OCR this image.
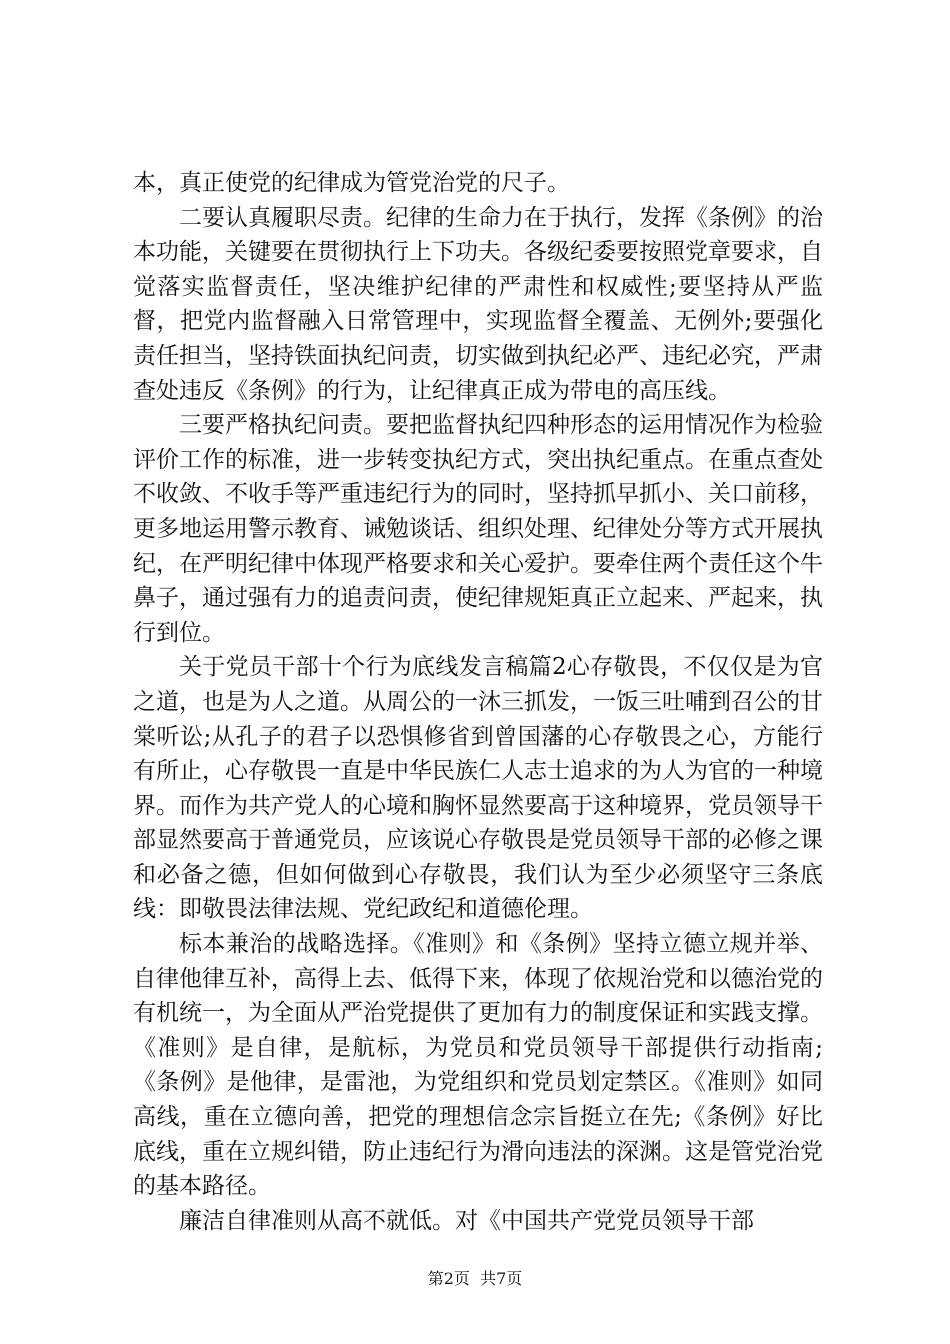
本，真正使党的纪律成为管党治党的尺子。

二要认真履职尽责。纪律的生命力在于执行，发挥《条例》的治本功能，关键要在贯彻执行上下功夫。各级纪委要按照党章要求，自觉落实监督责任，坚决维护纪律的严肃性和权威性;要坚持从严监督，把党内监督融入日常管理中，实现监督全覆盖、无例外;要强化责任担当，坚持铁面执纪问责，切实做到执纪必严、违纪必究，严肃查处违反《条例》的行为，让纪律真正成为带电的高压线。

三要严格执纪问责。要把监督执纪四种形态的运用情况作为检验评价工作的标准，进一步转变执纪方式，突出执纪重点。在重点查处不收敛、不收手等严重违纪行为的同时，坚持抓早抓小、关口前移，更多地运用警示教育、诫勉谈话、组织处理、纪律处分等方式开展执纪，在严明纪律中体现严格要求和关心爱护。要牵住两个责任这个牛鼻子，通过强有力的追责问责，使纪律规矩真正立起来、严起来，执行到位。

关于党员干部十个行为底线发言稿篇2心存敬畏，不仅仅是为官之道，也是为人之道。从周公的一沐三抓发，一饭三吐哺到召公的甘棠听讼;从孔子的君子以恐惧修省到曾国藩的心存敬畏之心，方能行有所止，心存敬畏一直是中华民族仁人志士追求的为人为官的一种境界。而作为共产党人的心境和胸怀显然要高于这种境界，党员领导干部显然要高于普通党员，应该说心存敬畏是党员领导干部的必修之课和必备之德，但如何做到心存敬畏，我们认为至少必须坚守三条底线：即敬畏法律法规、党纪政纪和道德伦理。

标本兼治的战略选择。《准则》和《条例》坚持立德立规并举、自律他律互补，高得上去、低得下来，体现了依规治党和以德治党的有机统一，为全面从严治党提供了更加有力的制度保证和实践支撑。《准则》是自律，是航标，为党员和党员领导干部提供行动指南;《条例》是他律，是雷池，为党组织和党员划定禁区。《准则》如同高线，重在立德向善，把党的理想信念宗旨挺立在先;《条例》好比底线，重在立规纠错，防止违纪行为滑向违法的深渊。这是管党治党的基本路径。

廉洁自律准则从高不就低。对《中国共产党党员领导干部

第2页 共7页
